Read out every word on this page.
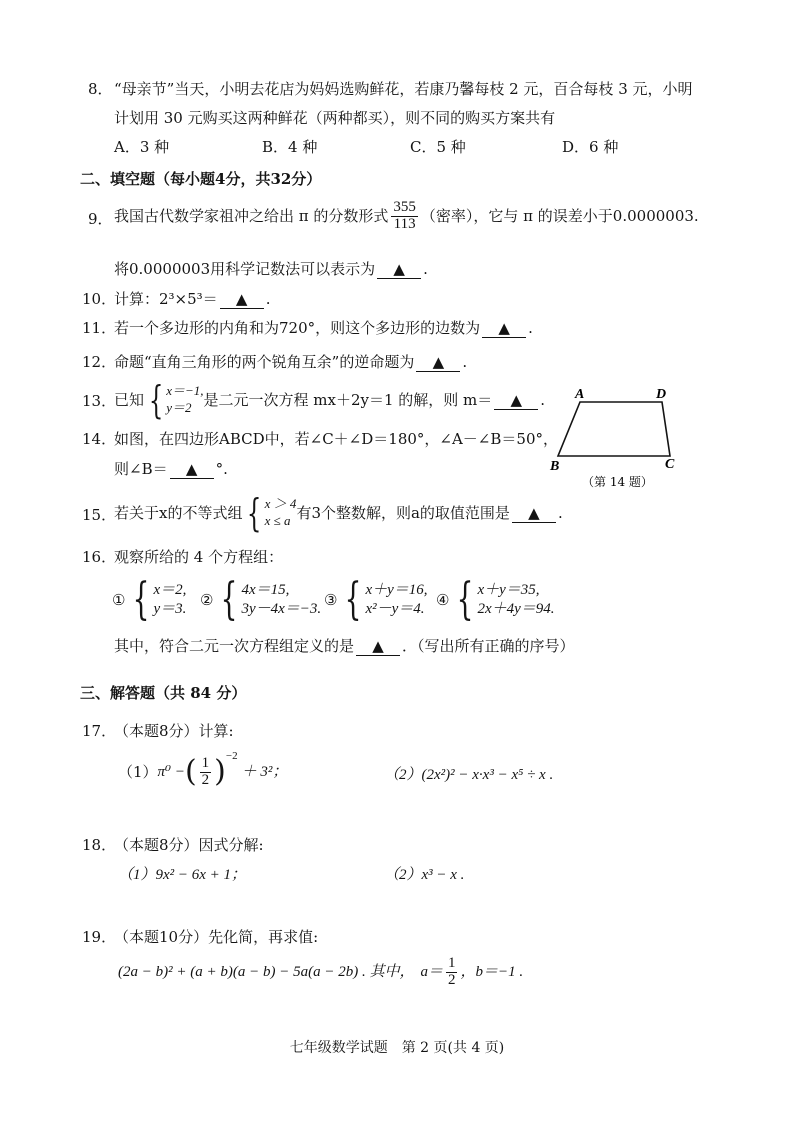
8． “母亲节”当天，小明去花店为妈妈选购鲜花，若康乃馨每枝 2 元，百合每枝 3 元，小明
计划用 30 元购买这两种鲜花（两种都买），则不同的购买方案共有
A．3 种	B．4 种	C．5 种	D．6 种
二、填空题（每小题4分，共32分）
9． 我国古代数学家祖冲之给出 π 的分数形式 $\frac{355}{113}$ （密率），它与 π 的误差小于0.0000003.
将0.0000003用科学记数法可以表示为 ▲ .
10．
计算：2³×5³＝ ▲ .
11．
若一个多边形的内角和为720°，则这个多边形的边数为 ▲ .
12．
命题“直角三角形的两个锐角互余”的逆命题为 ▲ .
13．
已知 { x＝−1,
y＝2 是二元一次方程 mx＋2y＝1 的解，则 m＝	▲	.
14．
如图，在四边形ABCD中，若∠C＋∠D＝180°，∠A－∠B＝50°，
则∠B＝ ▲ °.
A	D
B	C
（第 14 题）
15．
若关于x的不等式组 { x ＞ 4
x ≤ a 有3个整数解，则a的取值范围是	▲	.
16．
观察所给的 4 个方程组：
① { x＝2,
y＝3. ② { 4x＝15,
3y－4x＝−3. ③ { x＋y＝16,
x²－y＝4. ④ { x＋y＝35,
2x＋4y＝94.
其中，符合二元一次方程组定义的是 ▲ ．（写出所有正确的序号）
三、解答题（共 84 分）
17．
（本题8分）计算:
（1） π⁰ − ( $\frac{1}{2}$ ) −2
＋ 3²；	（2）(2x²)² − x·x³ − x⁵ ÷ x .
18．
（本题8分）因式分解:
（1）9x² − 6x + 1；	（2）x³ − x .
19．
（本题10分）先化简，再求值:
(2a − b)² + (a + b)(a − b) − 5a(a − 2b) . 其中， $a= \frac{1}{2}$ ，b＝−1 .
七年级数学试题　第 2 页(共 4 页)
